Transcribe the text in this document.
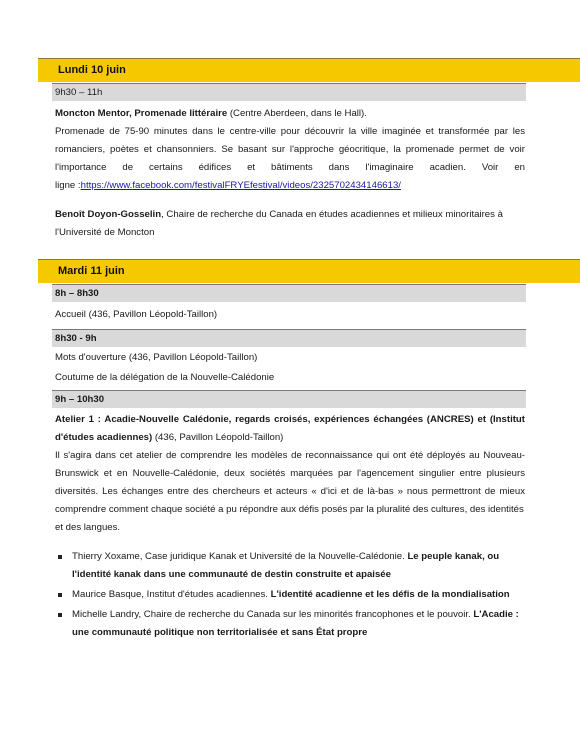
Lundi 10 juin
9h30 – 11h
Moncton Mentor, Promenade littéraire (Centre Aberdeen, dans le Hall).
Promenade de 75-90 minutes dans le centre-ville pour découvrir la ville imaginée et transformée par les
romanciers, poètes et chansonniers. Se basant sur l'approche géocritique, la promenade permet de voir
l'importance de certains édifices et bâtiments dans l'imaginaire acadien. Voir en
ligne :https://www.facebook.com/festivalFRYEfestival/videos/2325702434146613/
Benoît Doyon-Gosselin, Chaire de recherche du Canada en études acadiennes et milieux minoritaires à
l'Université de Moncton
Mardi 11 juin
8h – 8h30
Accueil (436, Pavillon Léopold-Taillon)
8h30 - 9h
Mots d'ouverture (436, Pavillon Léopold-Taillon)
Coutume de la délégation de la Nouvelle-Calédonie
9h – 10h30
Atelier 1 : Acadie-Nouvelle Calédonie, regards croisés, expériences échangées (ANCRES) et (Institut
d'études acadiennes) (436, Pavillon Léopold-Taillon)
Il s'agira dans cet atelier de comprendre les modèles de reconnaissance qui ont été déployés au Nouveau-
Brunswick et en Nouvelle-Calédonie, deux sociétés marquées par l'agencement singulier entre plusieurs
diversités. Les échanges entre des chercheurs et acteurs « d'ici et de là-bas » nous permettront de mieux
comprendre comment chaque société a pu répondre aux défis posés par la pluralité des cultures, des identités
et des langues.
Thierry Xoxame, Case juridique Kanak et Université de la Nouvelle-Calédonie. Le peuple kanak, ou
l'identité kanak dans une communauté de destin construite et apaisée
Maurice Basque, Institut d'études acadiennes. L'identité acadienne et les défis de la mondialisation
Michelle Landry, Chaire de recherche du Canada sur les minorités francophones et le pouvoir. L'Acadie :
une communauté politique non territorialisée et sans État propre
